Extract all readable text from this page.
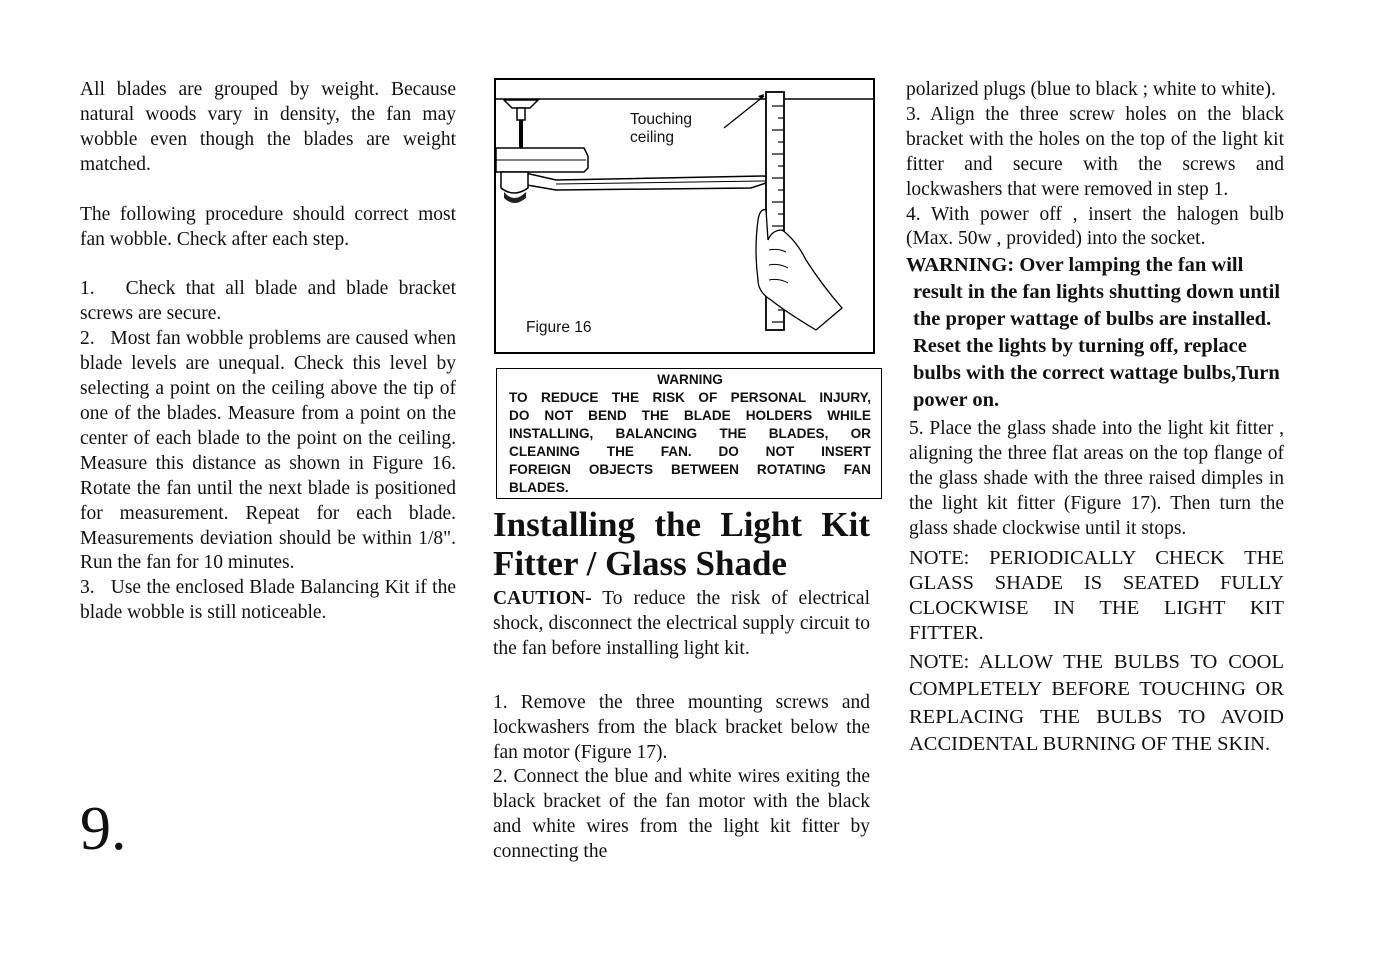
All blades are grouped by weight. Because natural woods vary in density, the fan may wobble even though the blades are weight matched.

The following procedure should correct most fan wobble. Check after each step.

1.   Check that all blade and blade bracket screws are secure.

2.   Most fan wobble problems are caused when blade levels are unequal. Check this level by selecting a point on the ceiling above the tip of one of the blades. Measure from a point on the center of each blade to the point on the ceiling. Measure this distance as shown in Figure 16. Rotate the fan until the next blade is positioned for measurement. Repeat for each blade. Measurements deviation should be within 1/8". Run the fan for 10 minutes.

3.   Use the enclosed Blade Balancing Kit if the blade wobble is still noticeable.

9.
Touching
ceiling
Figure 16
WARNING
TO REDUCE THE RISK OF PERSONAL INJURY,
DO NOT BEND THE BLADE HOLDERS WHILE
INSTALLING, BALANCING THE BLADES, OR
CLEANING THE FAN. DO NOT INSERT
FOREIGN OBJECTS BETWEEN ROTATING FAN
BLADES.
Installing the Light Kit Fitter / Glass Shade

CAUTION- To reduce the risk of electrical shock, disconnect the electrical supply circuit to the fan before installing light kit.

1. Remove the three mounting screws and lockwashers from the black bracket below the fan motor (Figure 17).

2. Connect the blue and white wires exiting the black bracket of the fan motor with the black and white wires from the light kit fitter by connecting the

polarized plugs (blue to black ; white to white).

3. Align the three screw holes on the black bracket with the holes on the top of the light kit fitter and secure with the screws and lockwashers that were removed in step 1.

4. With power off , insert the halogen bulb (Max. 50w , provided) into the socket.

WARNING: Over lamping the fan will
result in the fan lights shutting down until
the proper wattage of bulbs are installed.
Reset the lights by turning off, replace
bulbs with the correct wattage bulbs,Turn
power on.

5. Place the glass shade into the light kit fitter , aligning the three flat areas on the top flange of the glass shade with the three raised dimples in the light kit fitter (Figure 17). Then turn the glass shade clockwise until it stops.

NOTE: PERIODICALLY CHECK THE GLASS SHADE IS SEATED FULLY CLOCKWISE IN THE LIGHT KIT FITTER.

NOTE: ALLOW THE BULBS TO COOL COMPLETELY BEFORE TOUCHING OR REPLACING THE BULBS TO AVOID ACCIDENTAL BURNING OF THE SKIN.
